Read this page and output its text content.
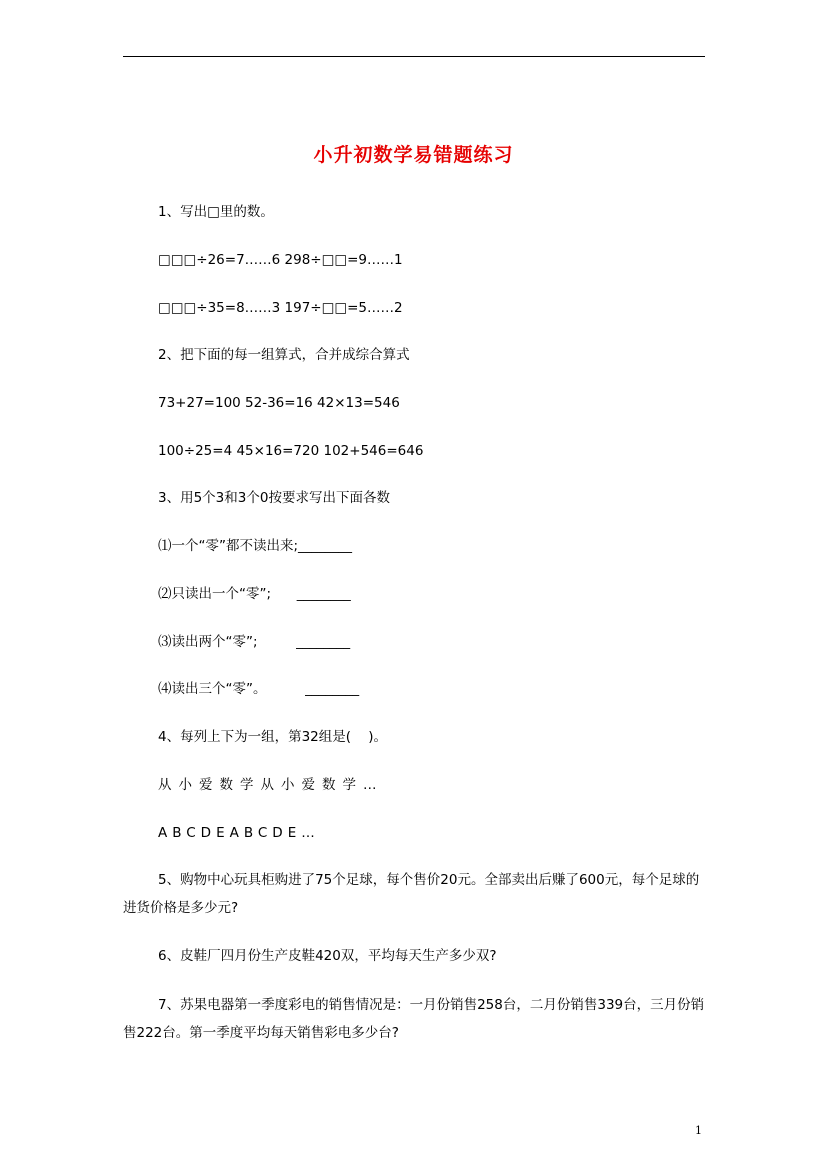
小升初数学易错题练习
1、写出□里的数。
□□□÷26=7……6 298÷□□=9……1
□□□÷35=8……3 197÷□□=5……2
2、把下面的每一组算式，合并成综合算式
73+27=100 52-36=16 42×13=546
100÷25=4 45×16=720 102+546=646
3、用5个3和3个0按要求写出下面各数
⑴一个“零”都不读出来;________
⑵只读出一个“零”;      ________
⑶读出两个“零”;         ________
⑷读出三个“零”。         ________
4、每列上下为一组，第32组是(    )。
从小爱数学从小爱数学…
ABCDEABCDE…
5、购物中心玩具柜购进了75个足球，每个售价20元。全部卖出后赚了600元，每个足球的进货价格是多少元?
6、皮鞋厂四月份生产皮鞋420双，平均每天生产多少双?
7、苏果电器第一季度彩电的销售情况是：一月份销售258台，二月份销售339台，三月份销售222台。第一季度平均每天销售彩电多少台?
1
